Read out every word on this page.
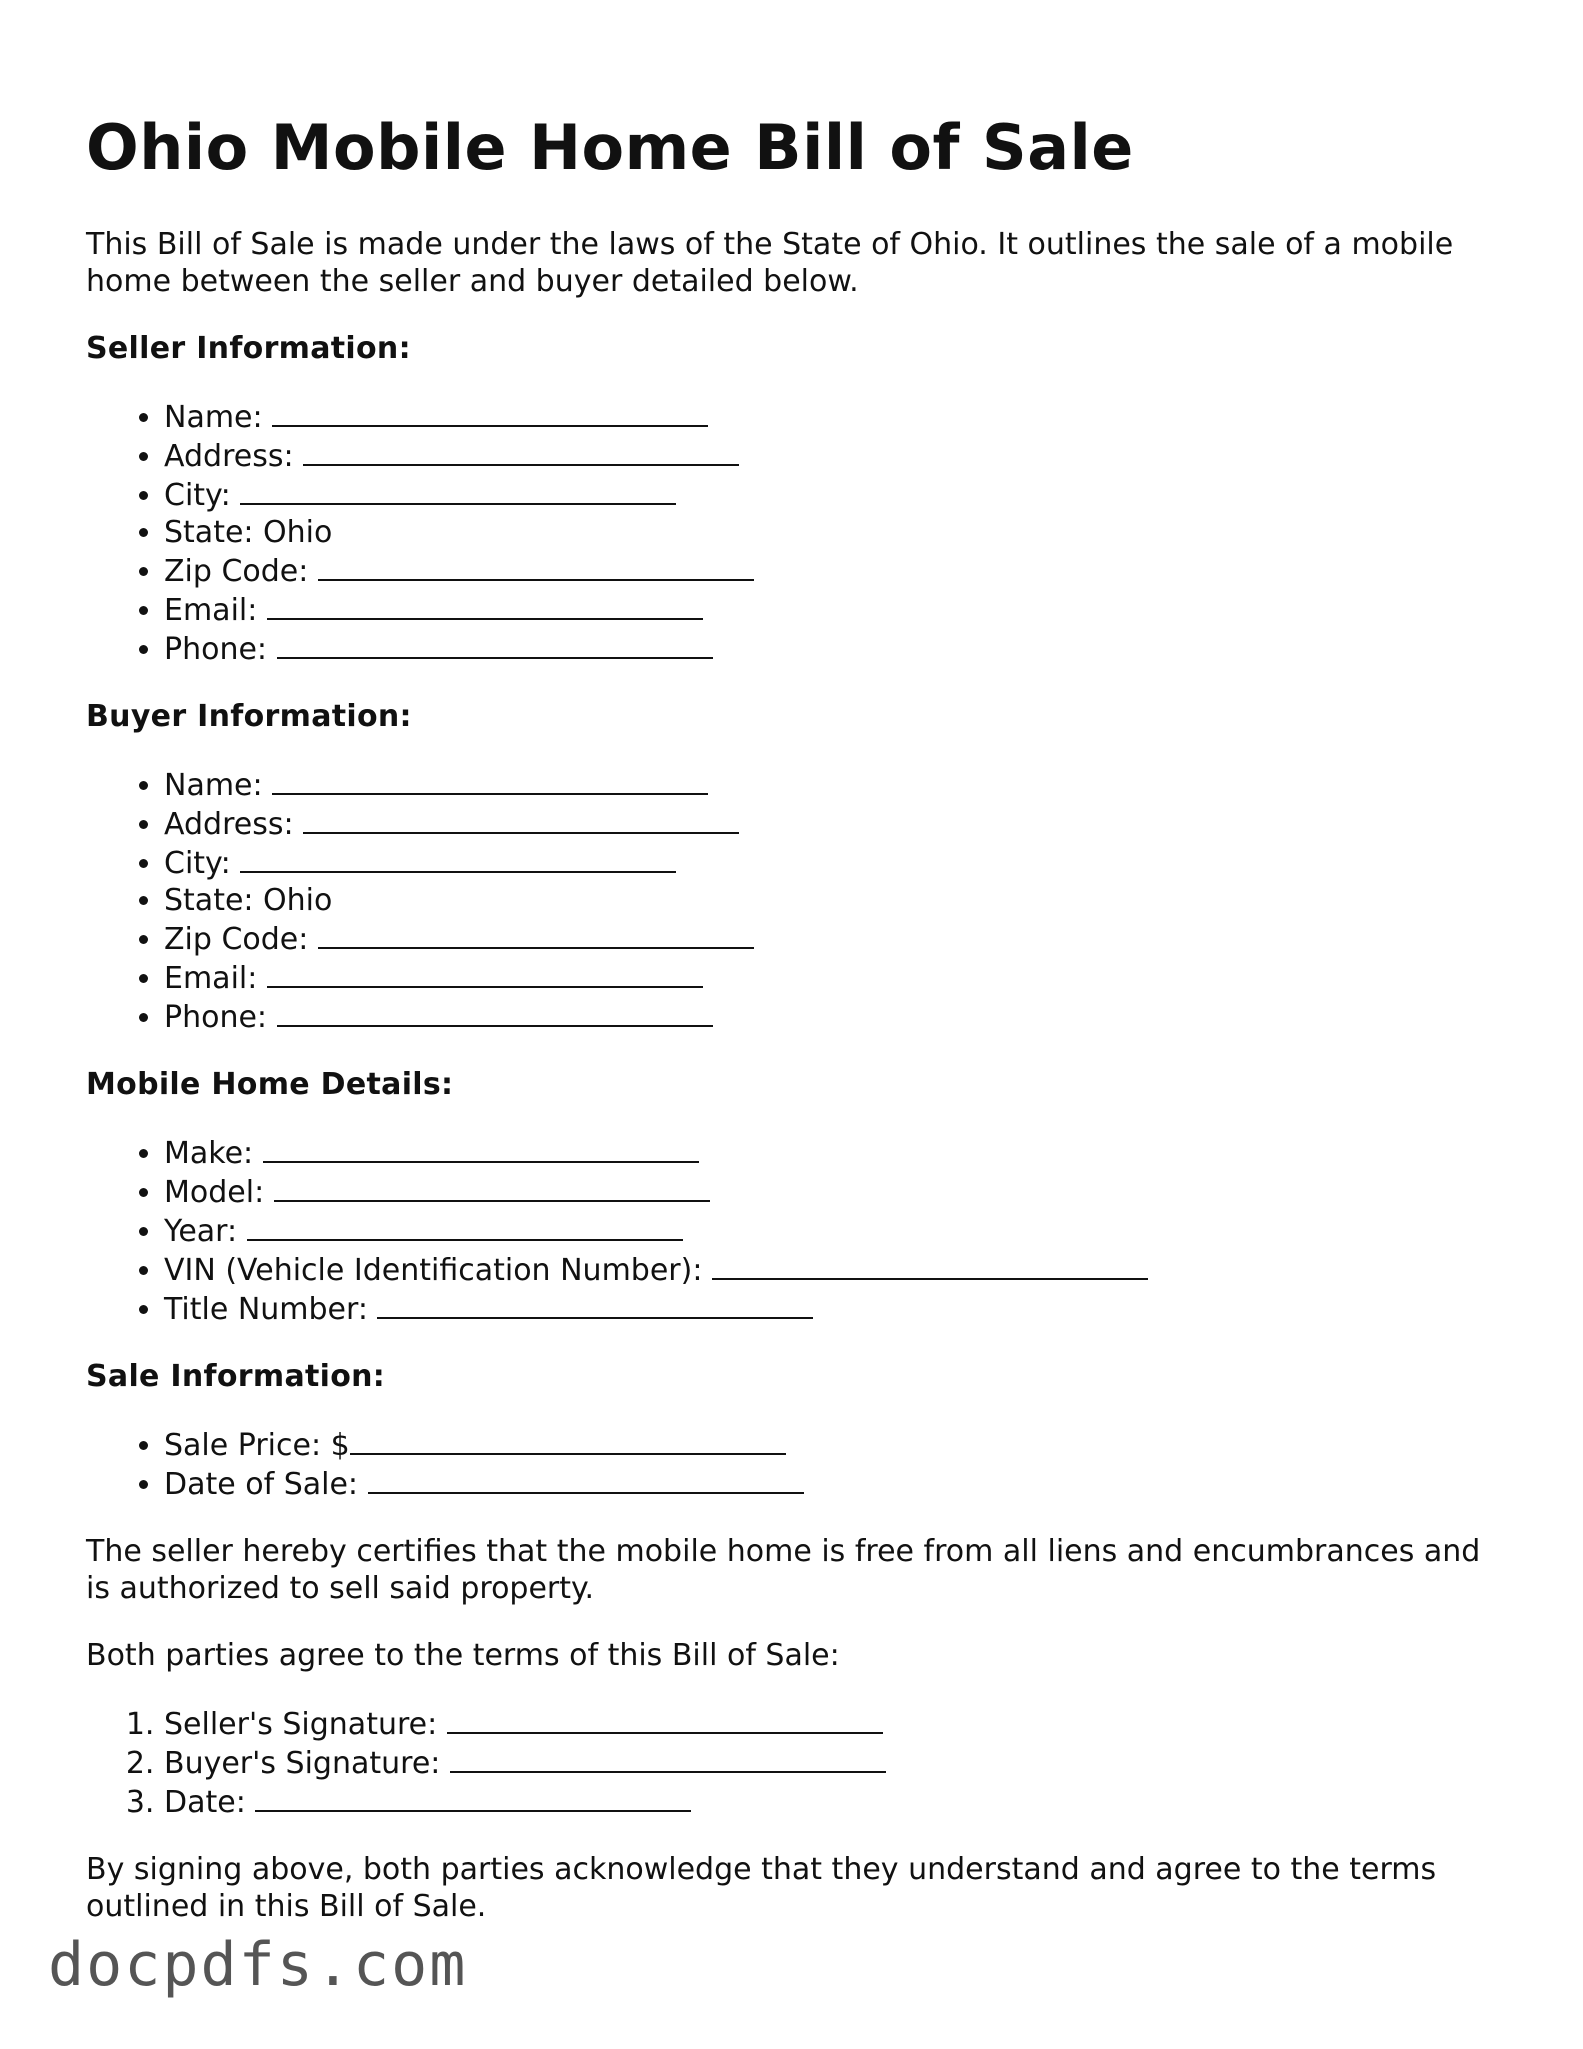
Ohio Mobile Home Bill of Sale

This Bill of Sale is made under the laws of the State of Ohio. It outlines the sale of a mobile home between the seller and buyer detailed below.

Seller Information:
• Name:
• Address:
• City:
• State: Ohio
• Zip Code:
• Email:
• Phone:
Buyer Information:
• Name:
• Address:
• City:
• State: Ohio
• Zip Code:
• Email:
• Phone:
Mobile Home Details:
• Make:
• Model:
• Year:
• VIN (Vehicle Identification Number):
• Title Number:
Sale Information:
• Sale Price: $
• Date of Sale:

The seller hereby certifies that the mobile home is free from all liens and encumbrances and is authorized to sell said property.

Both parties agree to the terms of this Bill of Sale:

1. Seller's Signature:
2. Buyer's Signature:
3. Date:

By signing above, both parties acknowledge that they understand and agree to the terms outlined in this Bill of Sale.

docpdfs.com
